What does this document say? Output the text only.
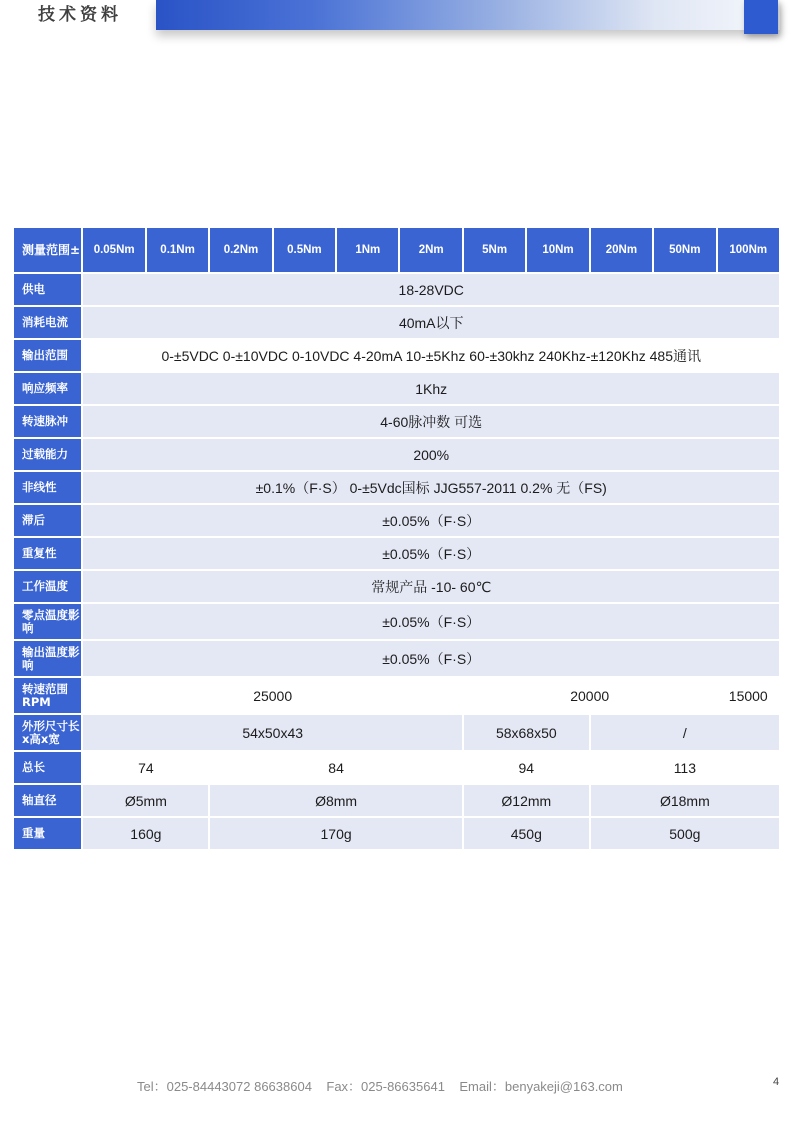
技术资料
测量范围±	0.05Nm	0.1Nm	0.2Nm	0.5Nm	1Nm	2Nm	5Nm	10Nm	20Nm	50Nm	100Nm
供电	18-28VDC										
消耗电流	40mA以下										
输出范围	0-±5VDC 0-±10VDC 0-10VDC 4-20mA 10-±5Khz 60-±30khz 240Khz-±120Khz 485通讯										
响应频率	1Khz										
转速脉冲	4-60脉冲数 可选										
过载能力	200%										
非线性	±0.1%（F·S） 0-±5Vdc国标 JJG557-2011 0.2% 无（FS)										
滞后	±0.05%（F·S）										
重复性	±0.05%（F·S）										
工作温度	常规产品 -10- 60℃										
零点温度影响	±0.05%（F·S）										
输出温度影响	±0.05%（F·S）										
转速范围RPM	25000						20000				15000
外形尺寸长x高x宽	54x50x43						58x68x50		/		
总长	74		84				94		113		
轴直径	Ø5mm		Ø8mm				Ø12mm		Ø18mm		
重量	160g		170g				450g		500g		
Tel：025-84443072 86638604 Fax：025-86635641 Email：benyakeji@163.com	4
